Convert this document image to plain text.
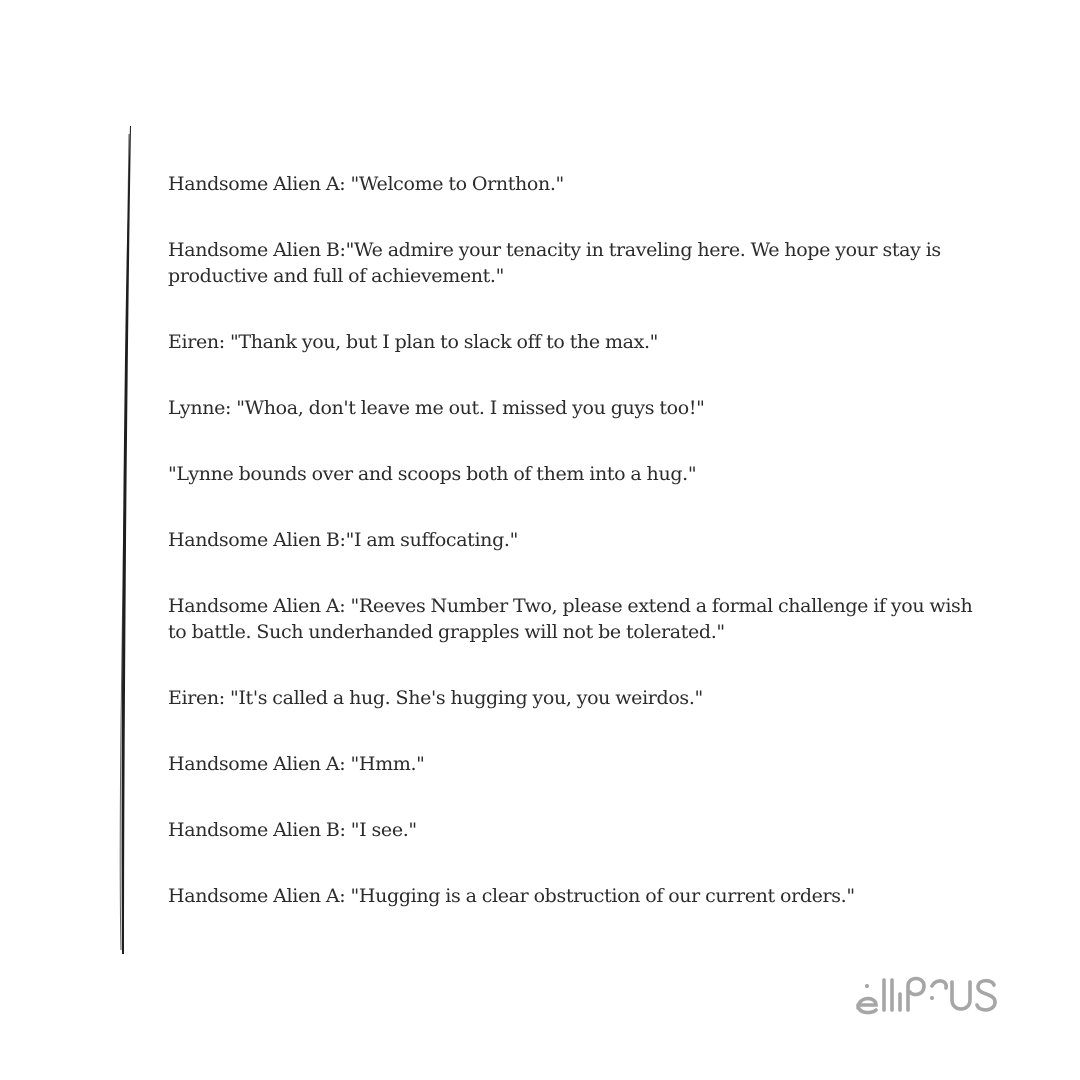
Handsome Alien A: "Welcome to Ornthon."
Handsome Alien B:"We admire your tenacity in traveling here. We hope your stay is productive and full of achievement."
Eiren: "Thank you, but I plan to slack off to the max."
Lynne: "Whoa, don't leave me out. I missed you guys too!"
"Lynne bounds over and scoops both of them into a hug."
Handsome Alien B:"I am suffocating."
Handsome Alien A: "Reeves Number Two, please extend a formal challenge if you wish to battle. Such underhanded grapples will not be tolerated."
Eiren: "It's called a hug. She's hugging you, you weirdos."
Handsome Alien A: "Hmm."
Handsome Alien B: "I see."
Handsome Alien A: "Hugging is a clear obstruction of our current orders."
